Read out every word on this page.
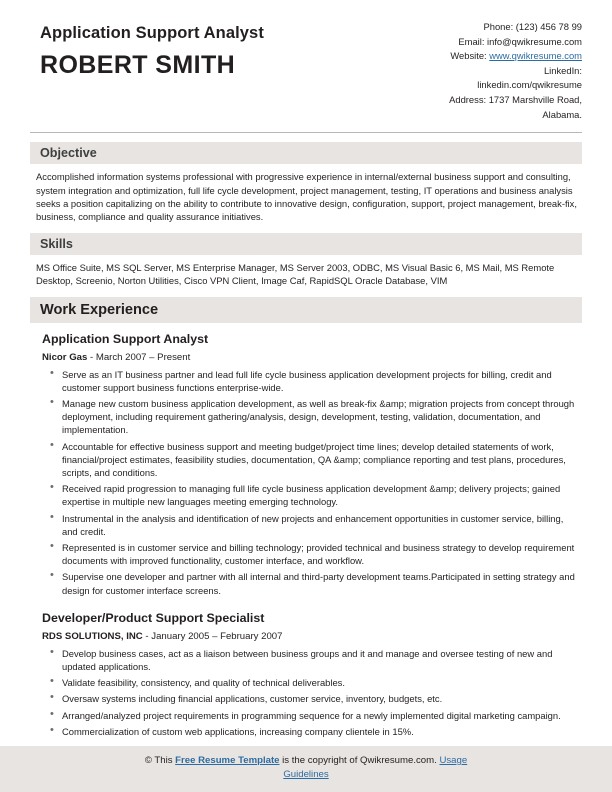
Application Support Analyst
ROBERT SMITH
Phone: (123) 456 78 99
Email: info@qwikresume.com
Website: www.qwikresume.com
LinkedIn:
linkedin.com/qwikresume
Address: 1737 Marshville Road,
Alabama.
Objective
Accomplished information systems professional with progressive experience in internal/external business support and consulting, system integration and optimization, full life cycle development, project management, testing, IT operations and business analysis seeks a position capitalizing on the ability to contribute to innovative design, configuration, support, project management, break-fix, business, compliance and quality assurance initiatives.
Skills
MS Office Suite, MS SQL Server, MS Enterprise Manager, MS Server 2003, ODBC, MS Visual Basic 6, MS Mail, MS Remote Desktop, Screenio, Norton Utilities, Cisco VPN Client, Image Caf, RapidSQL Oracle Database, VIM
Work Experience
Application Support Analyst
Nicor Gas - March 2007 – Present
• Serve as an IT business partner and lead full life cycle business application development projects for billing, credit and customer support business functions enterprise-wide.
• Manage new custom business application development, as well as break-fix &amp; migration projects from concept through deployment, including requirement gathering/analysis, design, development, testing, validation, documentation, and implementation.
• Accountable for effective business support and meeting budget/project time lines; develop detailed statements of work, financial/project estimates, feasibility studies, documentation, QA &amp; compliance reporting and test plans, procedures, scripts, and conditions.
• Received rapid progression to managing full life cycle business application development &amp; delivery projects; gained expertise in multiple new languages meeting emerging technology.
• Instrumental in the analysis and identification of new projects and enhancement opportunities in customer service, billing, and credit.
• Represented is in customer service and billing technology; provided technical and business strategy to develop requirement documents with improved functionality, customer interface, and workflow.
• Supervise one developer and partner with all internal and third-party development teams.Participated in setting strategy and design for customer interface screens.
Developer/Product Support Specialist
RDS SOLUTIONS, INC - January 2005 – February 2007
• Develop business cases, act as a liaison between business groups and it and manage and oversee testing of new and updated applications.
• Validate feasibility, consistency, and quality of technical deliverables.
• Oversaw systems including financial applications, customer service, inventory, budgets, etc.
• Arranged/analyzed project requirements in programming sequence for a newly implemented digital marketing campaign.
• Commercialization of custom web applications, increasing company clientele in 15%.
© This Free Resume Template is the copyright of Qwikresume.com. Usage
Guidelines
